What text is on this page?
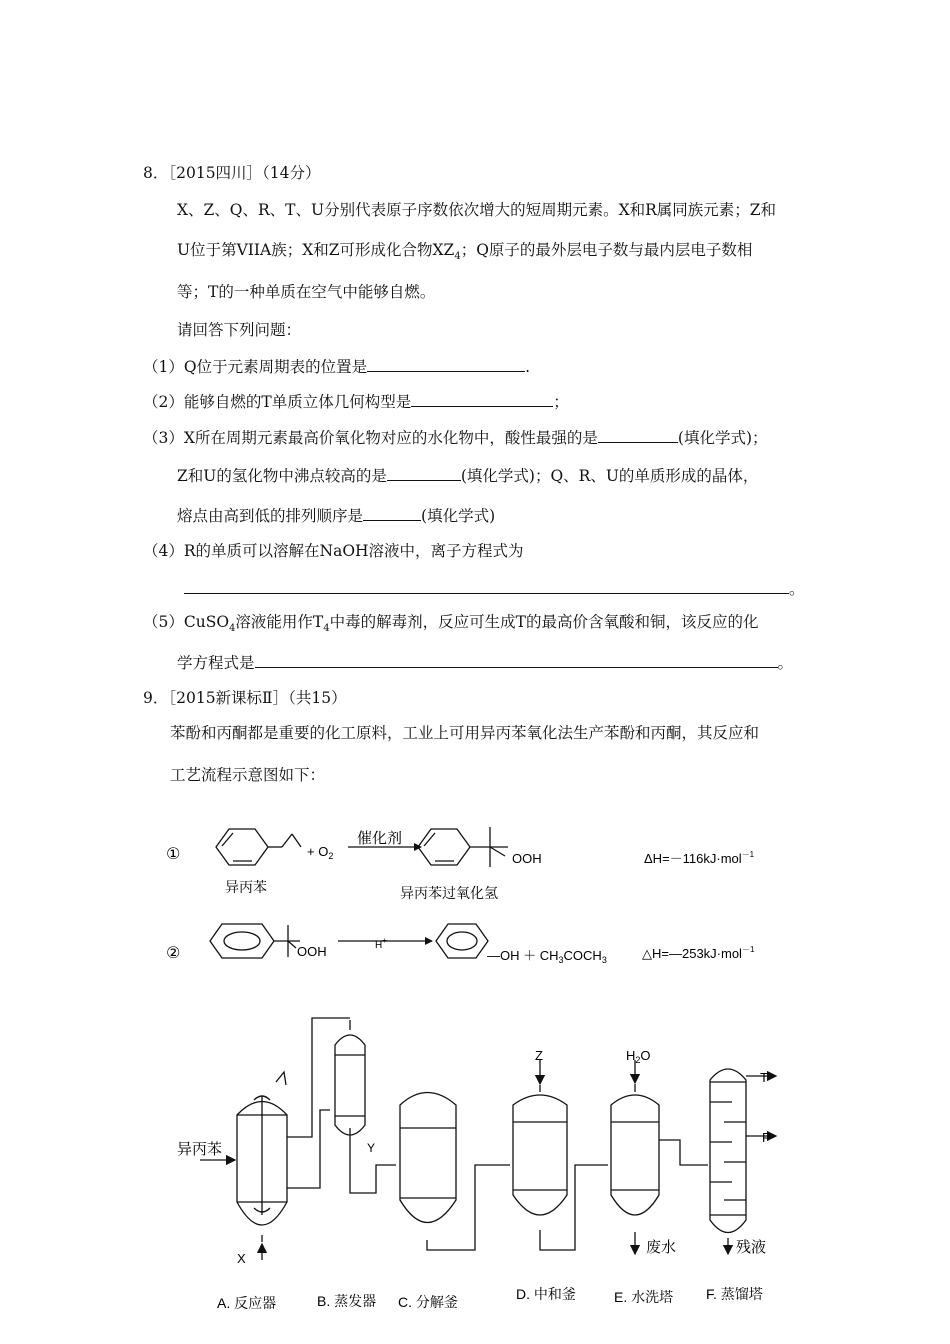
8．［2015四川］（14分）
X、Z、Q、R、T、U分别代表原子序数依次增大的短周期元素。X和R属同族元素；Z和
U位于第VIIA族；X和Z可形成化合物$XZ_4$；Q原子的最外层电子数与最内层电子数相
等；T的一种单质在空气中能够自燃。
请回答下列问题：
（1）Q位于元素周期表的位置是	.
（2）能够自燃的T单质立体几何构型是	；
（3）X所在周期元素最高价氧化物对应的水化物中，酸性最强的是	(填化学式)；
Z和U的氢化物中沸点较高的是	(填化学式)；Q、R、U的单质形成的晶体，
熔点由高到低的排列顺序是	(填化学式)
（4）R的单质可以溶解在NaOH溶液中，离子方程式为
。
（5）CuSO$_4$溶液能用作$T_4$中毒的解毒剂，反应可生成T的最高价含氧酸和铜，该反应的化
学方程式是	。
9．［2015新课标Ⅱ］（共15）
苯酚和丙酮都是重要的化工原料，工业上可用异丙苯氧化法生产苯酚和丙酮，其反应和
工艺流程示意图如下：
①	+ $O_2$
催化剂
OOH	ΔH=－116kJ·mol$^{-1}$
异丙苯	异丙苯过氧化氢
②	OOH	H+
—OH ＋ $CH_3COCH_3$	△H=—253kJ·mol$^{-1}$
异丙苯
X
Y
Z	$H_2O$
T
P
废水	残液
A. 反应器	B. 蒸发器 C. 分解釜	D. 中和釜	E. 水洗塔 F. 蒸馏塔
